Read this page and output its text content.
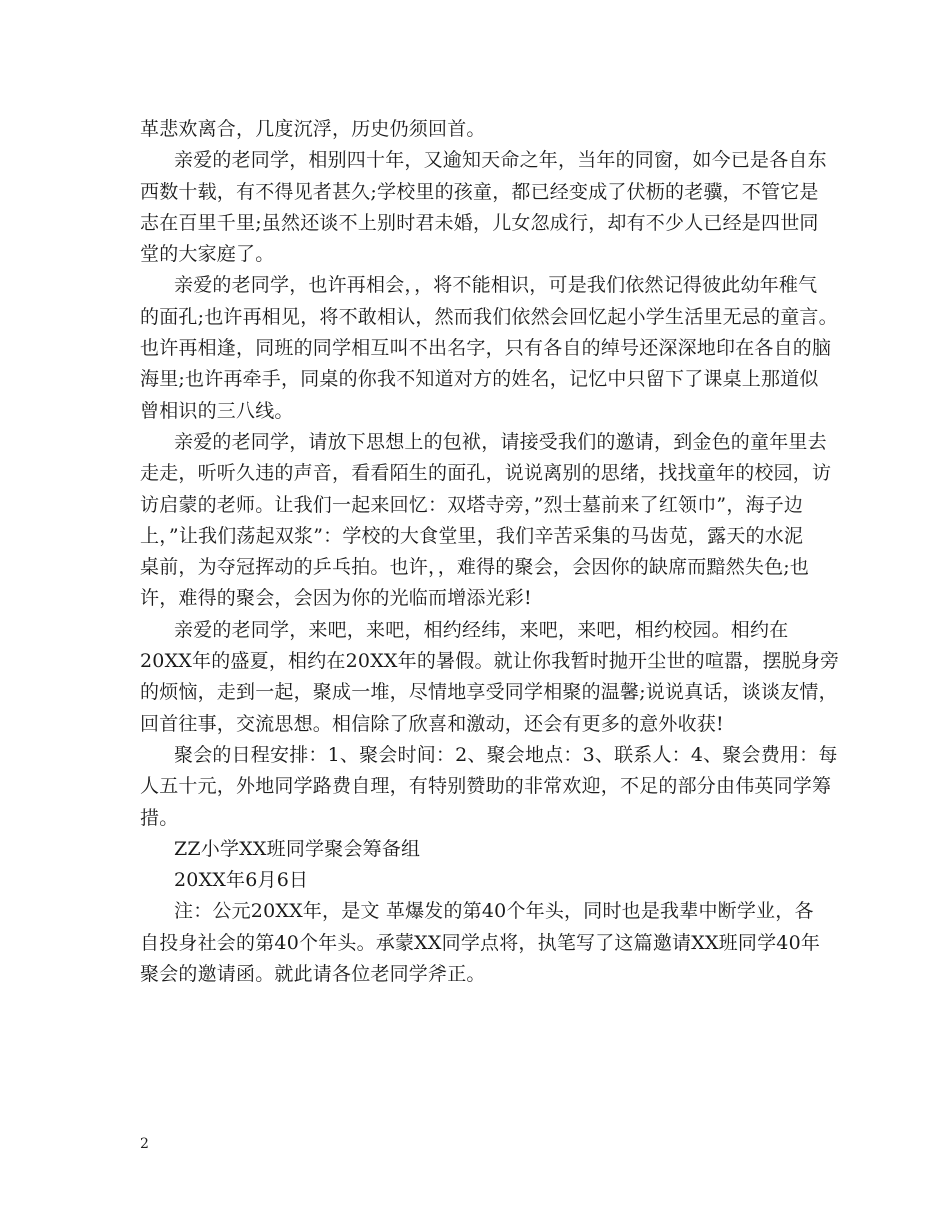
革悲欢离合，几度沉浮，历史仍须回首。
亲爱的老同学，相别四十年，又逾知天命之年，当年的同窗，如今已是各自东
西数十载，有不得见者甚久;学校里的孩童，都已经变成了伏枥的老骥，不管它是
志在百里千里;虽然还谈不上别时君未婚，儿女忽成行，却有不少人已经是四世同
堂的大家庭了。
亲爱的老同学，也许再相会，，将不能相识，可是我们依然记得彼此幼年稚气
的面孔;也许再相见，将不敢相认，然而我们依然会回忆起小学生活里无忌的童言。
也许再相逢，同班的同学相互叫不出名字，只有各自的绰号还深深地印在各自的脑
海里;也许再牵手，同桌的你我不知道对方的姓名，记忆中只留下了课桌上那道似
曾相识的三八线。
亲爱的老同学，请放下思想上的包袱，请接受我们的邀请，到金色的童年里去
走走，听听久违的声音，看看陌生的面孔，说说离别的思绪，找找童年的校园，访
访启蒙的老师。让我们一起来回忆：双塔寺旁，”烈士墓前来了红领巾”，海子边
上，”让我们荡起双浆”：学校的大食堂里，我们辛苦采集的马齿苋，露天的水泥
桌前，为夺冠挥动的乒乓拍。也许，，难得的聚会，会因你的缺席而黯然失色;也
许，难得的聚会，会因为你的光临而增添光彩!
亲爱的老同学，来吧，来吧，相约经纬，来吧，来吧，相约校园。相约在
20XX年的盛夏，相约在20XX年的暑假。就让你我暂时抛开尘世的喧嚣，摆脱身旁
的烦恼，走到一起，聚成一堆，尽情地享受同学相聚的温馨;说说真话，谈谈友情，
回首往事，交流思想。相信除了欣喜和激动，还会有更多的意外收获!
聚会的日程安排：1、聚会时间：2、聚会地点：3、联系人：4、聚会费用：每
人五十元，外地同学路费自理，有特别赞助的非常欢迎，不足的部分由伟英同学筹
措。
ZZ小学XX班同学聚会筹备组
20XX年6月6日
注：公元20XX年，是文 革爆发的第40个年头，同时也是我辈中断学业，各
自投身社会的第40个年头。承蒙XX同学点将，执笔写了这篇邀请XX班同学40年
聚会的邀请函。就此请各位老同学斧正。
2
